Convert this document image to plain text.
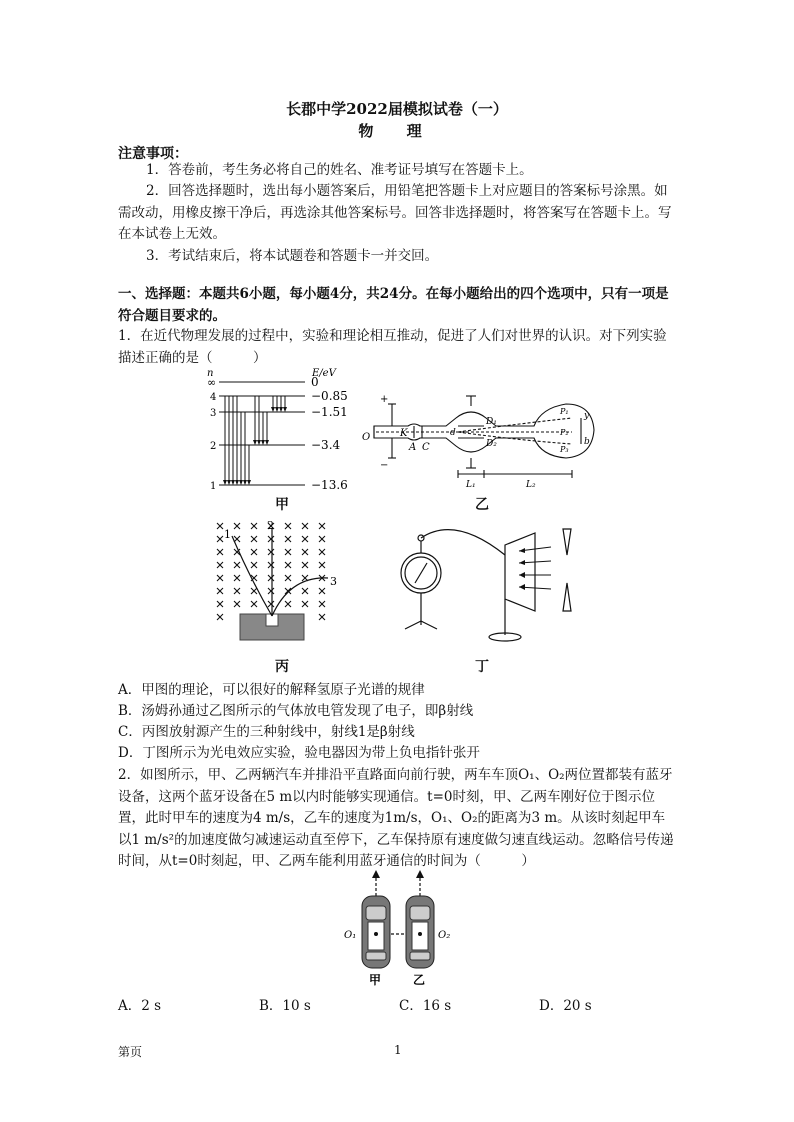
长郡中学2022届模拟试卷（一）
物 理
注意事项：
1．答卷前，考生务必将自己的姓名、准考证号填写在答题卡上。
2．回答选择题时，选出每小题答案后，用铅笔把答题卡上对应题目的答案标号涂黑。如需改动，用橡皮擦干净后，再选涂其他答案标号。回答非选择题时，将答案写在答题卡上。写在本试卷上无效。
3．考试结束后，将本试题卷和答题卡一并交回。
一、选择题：本题共6小题，每小题4分，共24分。在每小题给出的四个选项中，只有一项是符合题目要求的。
1．在近代物理发展的过程中，实验和理论相互推动，促进了人们对世界的认识。对下列实验描述正确的是（　　　）
n	E/eV
∞
4
3
2
1
0
−0.85
−1.51
−3.4
−13.6
甲
+
−
O	K
A C
d
D₁
D₂
y
b
P₁
P₂
P₃
L₁	L₂
乙
1
2
3
丙	丁
A．甲图的理论，可以很好的解释氢原子光谱的规律
B．汤姆孙通过乙图所示的气体放电管发现了电子，即β射线
C．丙图放射源产生的三种射线中，射线1是β射线
D．丁图所示为光电效应实验，验电器因为带上负电指针张开
2．如图所示，甲、乙两辆汽车并排沿平直路面向前行驶，两车车顶O₁、O₂两位置都装有蓝牙设备，这两个蓝牙设备在5 m以内时能够实现通信。t=0时刻，甲、乙两车刚好位于图示位置，此时甲车的速度为4 m/s，乙车的速度为1m/s，O₁、O₂的距离为3 m。从该时刻起甲车以1 m/s²的加速度做匀减速运动直至停下，乙车保持原有速度做匀速直线运动。忽略信号传递时间，从t=0时刻起，甲、乙两车能利用蓝牙通信的时间为（　　　）
O₁	O₂
甲	乙
A．2 s	B．10 s	C．16 s	D．20 s
第页	1
